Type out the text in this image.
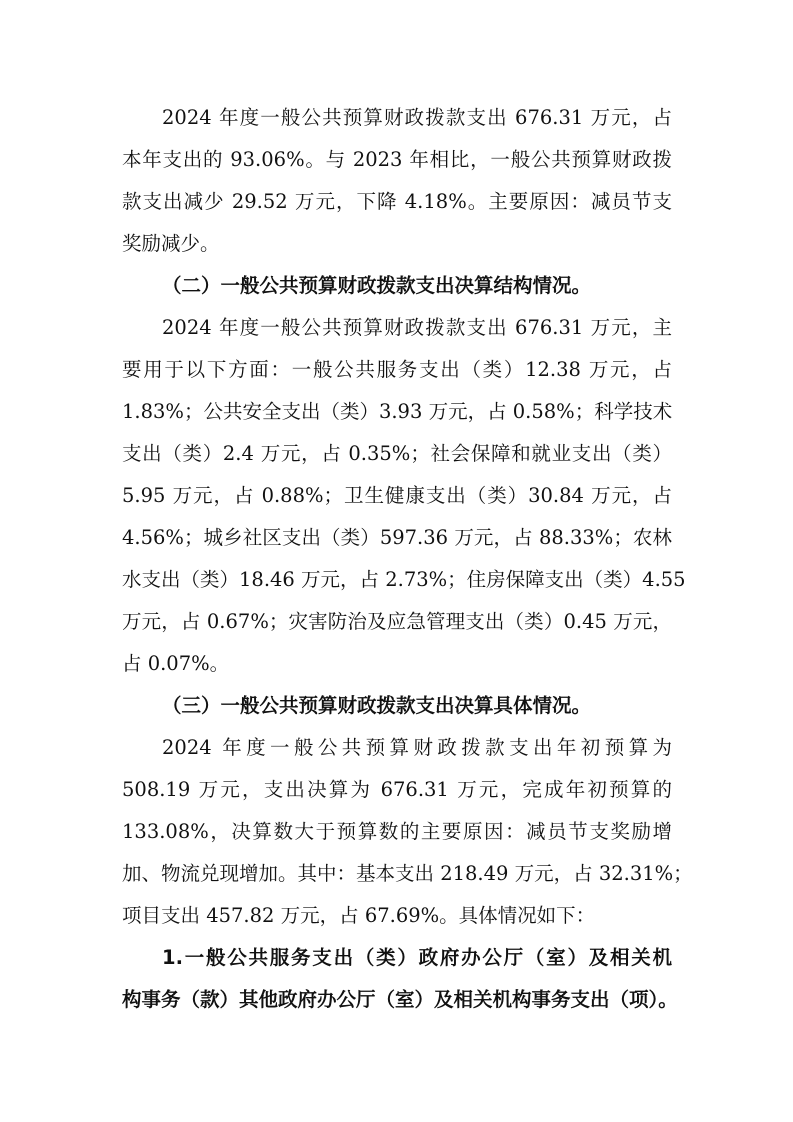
2024 年度一般公共预算财政拨款支出 676.31 万元，占
本年支出的 93.06%。与 2023 年相比，一般公共预算财政拨
款支出减少 29.52 万元，下降 4.18%。主要原因：减员节支
奖励减少。
（二）一般公共预算财政拨款支出决算结构情况。
2024 年度一般公共预算财政拨款支出 676.31 万元，主
要用于以下方面：一般公共服务支出（类）12.38 万元，占
1.83%；公共安全支出（类）3.93 万元，占 0.58%；科学技术
支出（类）2.4 万元，占 0.35%；社会保障和就业支出（类）
5.95 万元，占 0.88%；卫生健康支出（类）30.84 万元，占
4.56%；城乡社区支出（类）597.36 万元，占 88.33%；农林
水支出（类）18.46 万元，占 2.73%；住房保障支出（类）4.55
万元，占 0.67%；灾害防治及应急管理支出（类）0.45 万元，
占 0.07%。
（三）一般公共预算财政拨款支出决算具体情况。
2024 年度一般公共预算财政拨款支出年初预算为
508.19 万元，支出决算为 676.31 万元，完成年初预算的
133.08%，决算数大于预算数的主要原因：减员节支奖励增
加、物流兑现增加。其中：基本支出 218.49 万元，占 32.31%；
项目支出 457.82 万元，占 67.69%。具体情况如下：
1.一般公共服务支出（类）政府办公厅（室）及相关机
构事务（款）其他政府办公厅（室）及相关机构事务支出（项）。
